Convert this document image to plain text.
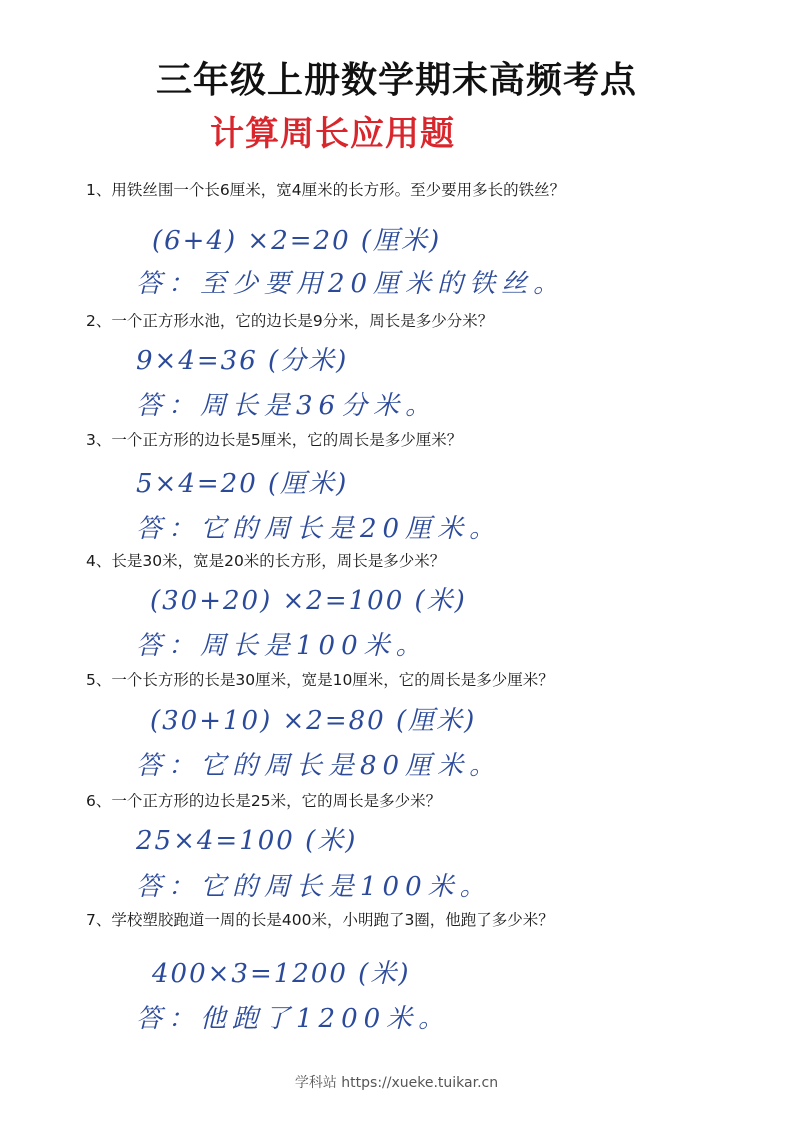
三年级上册数学期末高频考点
计算周长应用题
1、用铁丝围一个长6厘米，宽4厘米的长方形。至少要用多长的铁丝？
(6+4) ×2=20 (厘米)
答：至少要用20厘米的铁丝。
2、一个正方形水池，它的边长是9分米，周长是多少分米？
9×4=36 (分米)
答：周长是36分米。
3、一个正方形的边长是5厘米，它的周长是多少厘米？
5×4=20 (厘米)
答：它的周长是20厘米。
4、长是30米，宽是20米的长方形，周长是多少米？
(30+20) ×2=100 (米)
答：周长是100米。
5、一个长方形的长是30厘米，宽是10厘米，它的周长是多少厘米？
(30+10) ×2=80 (厘米)
答：它的周长是80厘米。
6、一个正方形的边长是25米，它的周长是多少米？
25×4=100 (米)
答：它的周长是100米。
7、学校塑胶跑道一周的长是400米，小明跑了3圈，他跑了多少米？
400×3=1200 (米)
答：他跑了1200米。
学科站 https://xueke.tuikar.cn
